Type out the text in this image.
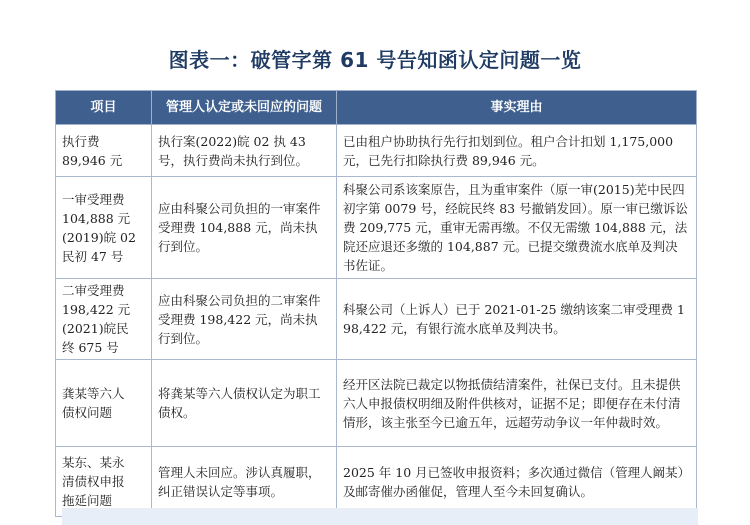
图表一：破管字第 61 号告知函认定问题一览
项目	管理人认定或未回应的问题	事实理由
执行费
89,946 元	执行案(2022)皖 02 执 43 号，执行费尚未执行到位。	已由租户协助执行先行扣划到位。租户合计扣划 1,175,000 元，已先行扣除执行费 89,946 元。
一审受理费
104,888 元
(2019)皖 02
民初 47 号	应由科聚公司负担的一审案件受理费 104,888 元，尚未执行到位。	科聚公司系该案原告，且为重审案件（原一审(2015)芜中民四初字第 0079 号，经皖民终 83 号撤销发回）。原一审已缴诉讼费 209,775 元，重审无需再缴。不仅无需缴 104,888 元，法院还应退还多缴的 104,887 元。已提交缴费流水底单及判决书佐证。
二审受理费
198,422 元
(2021)皖民
终 675 号	应由科聚公司负担的二审案件受理费 198,422 元，尚未执行到位。	科聚公司（上诉人）已于 2021-01-25 缴纳该案二审受理费 198,422 元，有银行流水底单及判决书。
龚某等六人
债权问题	将龚某等六人债权认定为职工债权。	经开区法院已裁定以物抵债结清案件，社保已支付。且未提供六人申报债权明细及附件供核对，证据不足；即便存在未付清情形，该主张至今已逾五年，远超劳动争议一年仲裁时效。
某东、某永
清债权申报
拖延问题	管理人未回应。涉认真履职，纠正错误认定等事项。	2025 年 10 月已签收申报资料；多次通过微信（管理人阚某）及邮寄催办函催促，管理人至今未回复确认。
